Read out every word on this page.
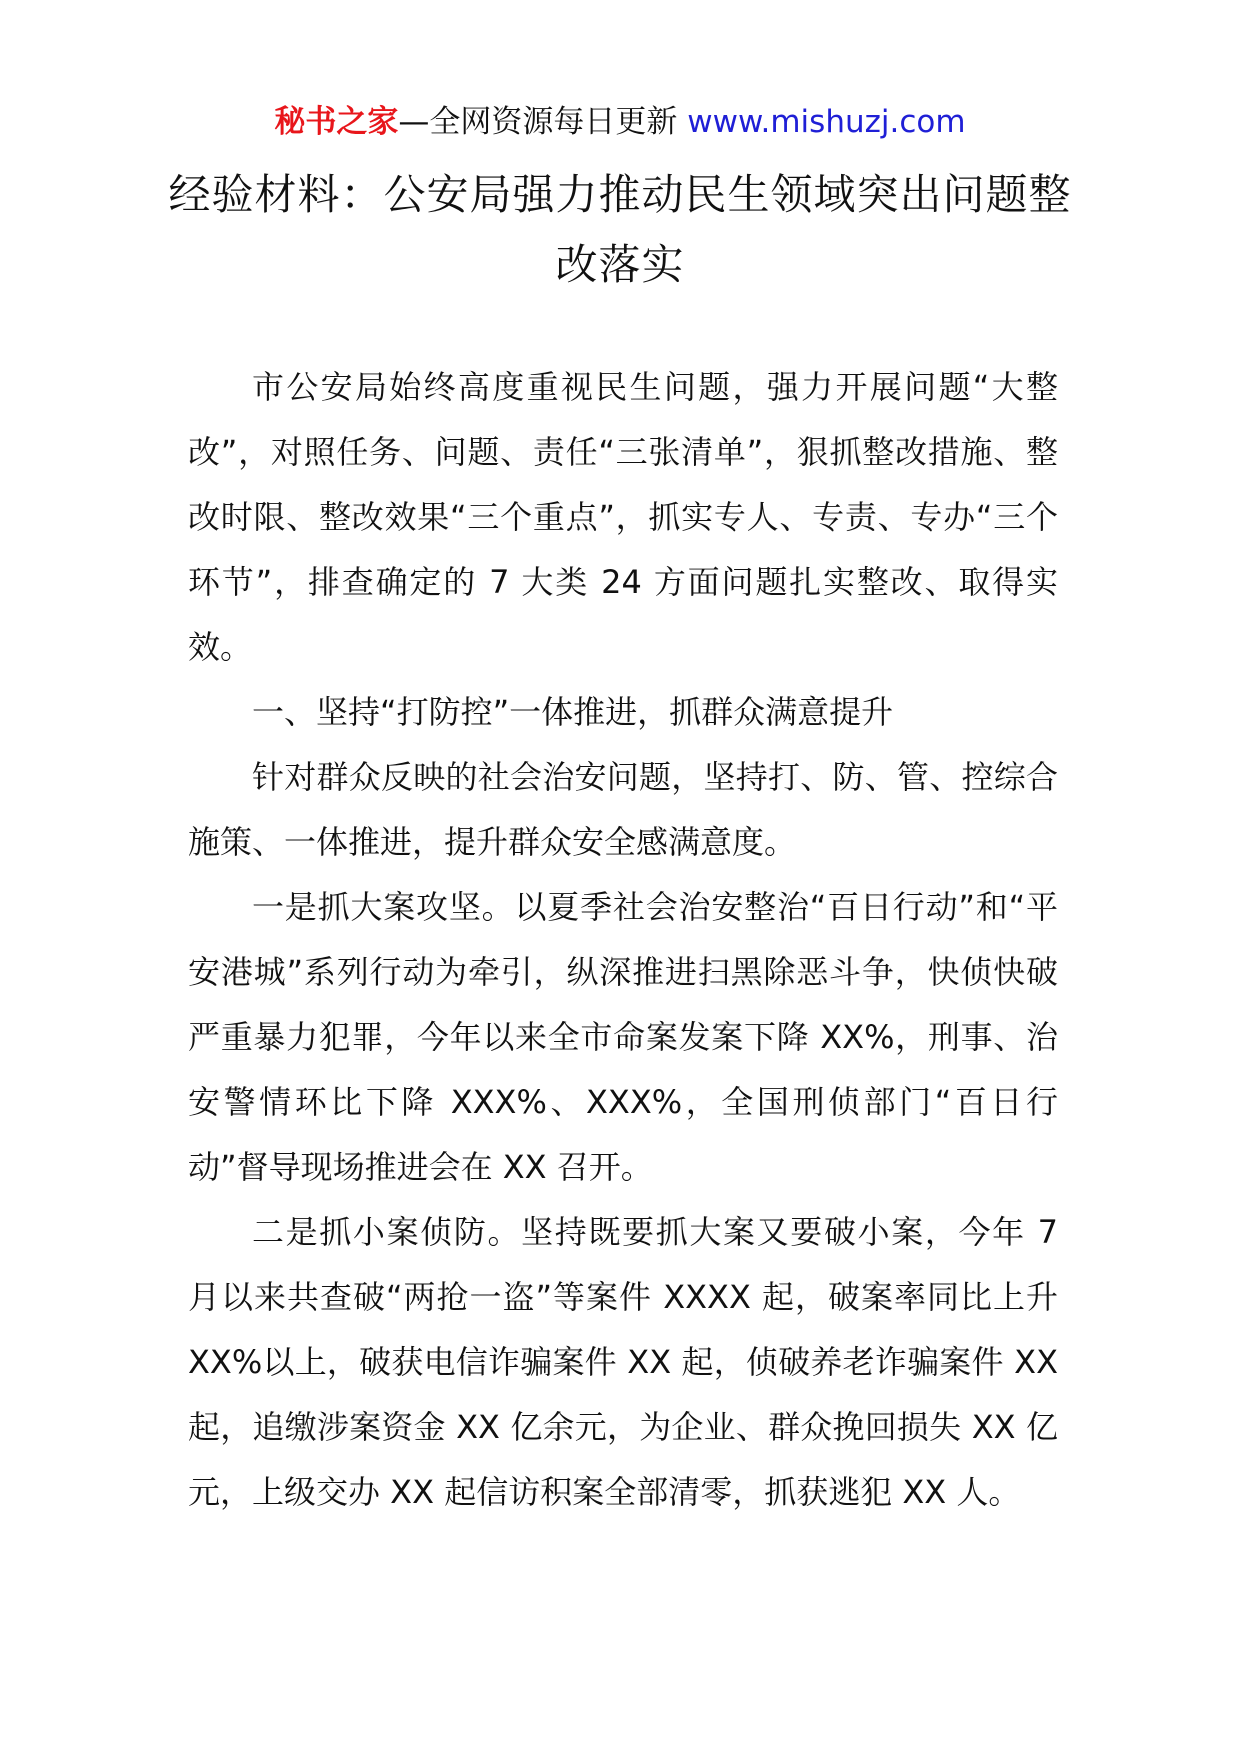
秘书之家—全网资源每日更新 www.mishuzj.com
经验材料：公安局强力推动民生领域突出问题整改落实

市公安局始终高度重视民生问题，强力开展问题“大整改”，对照任务、问题、责任“三张清单”，狠抓整改措施、整改时限、整改效果“三个重点”，抓实专人、专责、专办“三个环节”，排查确定的 7 大类 24 方面问题扎实整改、取得实效。

一、坚持“打防控”一体推进，抓群众满意提升

针对群众反映的社会治安问题，坚持打、防、管、控综合施策、一体推进，提升群众安全感满意度。

一是抓大案攻坚。以夏季社会治安整治“百日行动”和“平安港城”系列行动为牵引，纵深推进扫黑除恶斗争，快侦快破严重暴力犯罪，今年以来全市命案发案下降 XX%，刑事、治安警情环比下降 XXX%、XXX%，全国刑侦部门“百日行动”督导现场推进会在 XX 召开。

二是抓小案侦防。坚持既要抓大案又要破小案，今年 7 月以来共查破“两抢一盗”等案件 XXXX 起，破案率同比上升 XX%以上，破获电信诈骗案件 XX 起，侦破养老诈骗案件 XX 起，追缴涉案资金 XX 亿余元，为企业、群众挽回损失 XX 亿元，上级交办 XX 起信访积案全部清零，抓获逃犯 XX 人。
